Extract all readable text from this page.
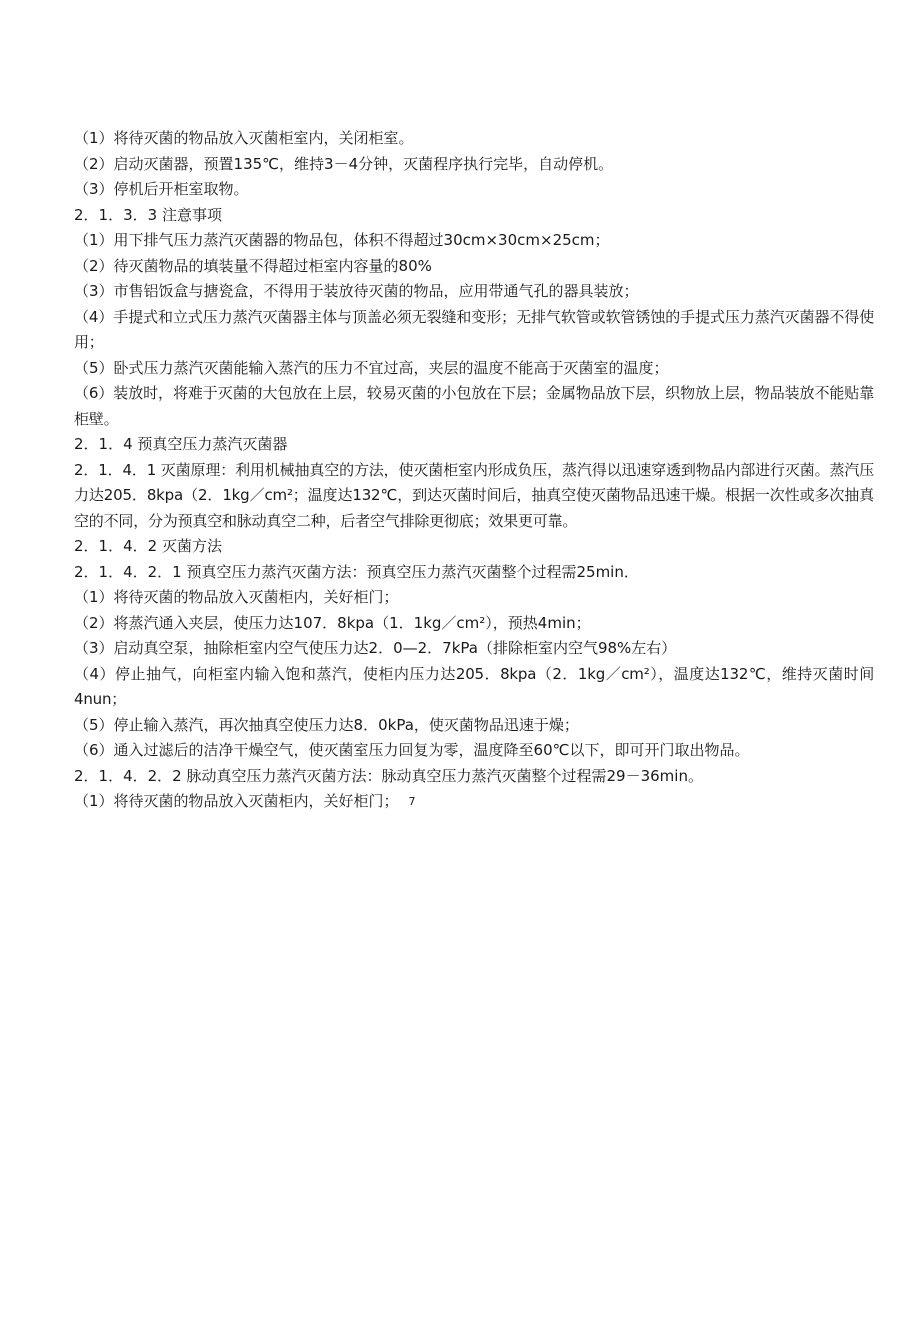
（1）将待灭菌的物品放入灭菌柜室内，关闭柜室。

（2）启动灭菌器，预置135℃，维持3－4分钟，灭菌程序执行完毕，自动停机。

（3）停机后开柜室取物。

2．1．3．3 注意事项

（1）用下排气压力蒸汽灭菌器的物品包，体积不得超过30cm×30cm×25cm；

（2）待灭菌物品的填装量不得超过柜室内容量的80%

（3）市售铝饭盒与搪瓷盒，不得用于装放待灭菌的物品，应用带通气孔的器具装放；

（4）手提式和立式压力蒸汽灭菌器主体与顶盖必须无裂缝和变形；无排气软管或软管锈蚀的手提式压力蒸汽灭菌器不得使用；

（5）卧式压力蒸汽灭菌能输入蒸汽的压力不宜过高，夹层的温度不能高于灭菌室的温度；

（6）装放时，将难于灭菌的大包放在上层，较易灭菌的小包放在下层；金属物品放下层，织物放上层，物品装放不能贴靠柜壁。

2．1．4 预真空压力蒸汽灭菌器

2．1．4．1 灭菌原理：利用机械抽真空的方法，使灭菌柜室内形成负压，蒸汽得以迅速穿透到物品内部进行灭菌。蒸汽压力达205．8kpa（2．1kg／cm²；温度达132℃，到达灭菌时间后，抽真空使灭菌物品迅速干燥。根据一次性或多次抽真空的不同，分为预真空和脉动真空二种，后者空气排除更彻底；效果更可靠。

2．1．4．2 灭菌方法

2．1．4．2．1 预真空压力蒸汽灭菌方法：预真空压力蒸汽灭菌整个过程需25min．

（1）将待灭菌的物品放入灭菌柜内，关好柜门；

（2）将蒸汽通入夹层，使压力达107．8kpa（1．1kg／cm²），预热4min；

（3）启动真空泵，抽除柜室内空气使压力达2．0—2．7kPa（排除柜室内空气98%左右）

（4）停止抽气，向柜室内输入饱和蒸汽，使柜内压力达205．8kpa（2．1kg／cm²），温度达132℃，维持灭菌时间4nun；

（5）停止输入蒸汽，再次抽真空使压力达8．0kPa，使灭菌物品迅速于燥；

（6）通入过滤后的洁净干燥空气，使灭菌室压力回复为零，温度降至60℃以下，即可开门取出物品。

2．1．4．2．2 脉动真空压力蒸汽灭菌方法：脉动真空压力蒸汽灭菌整个过程需29－36min。

（1）将待灭菌的物品放入灭菌柜内，关好柜门； 7
